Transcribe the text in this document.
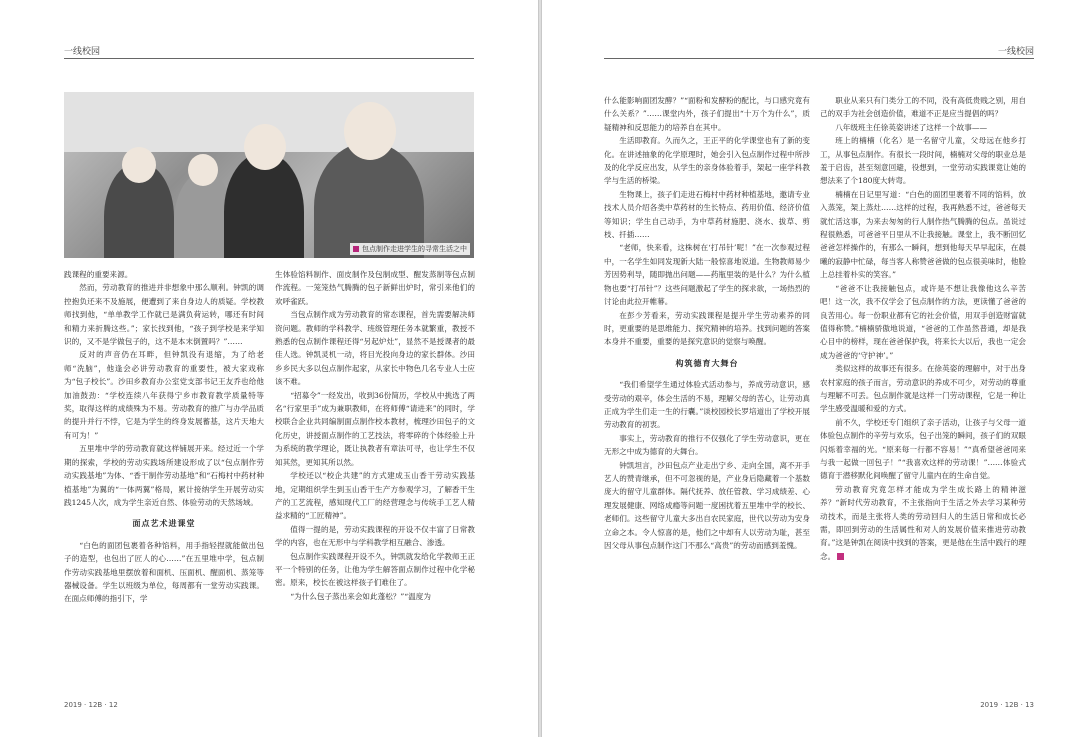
一线校园
包点制作走进学生的寻常生活之中

践课程的重要来源。

然而，劳动教育的推进并非想象中那么顺利。钟凯的调控抱负还来不及施展，便遭到了来自身边人的质疑。学校教师找到他，“单单教学工作就已是满负荷运转，哪还有时间和精力来折腾这些。”；家长找到他，“孩子到学校是来学知识的，又不是学做包子的，这不是本末倒置吗？”……

反对的声音仍在耳畔，但钟凯没有退缩，为了给老师“洗脑”，他逢会必讲劳动教育的重要性，被大家戏称为“包子校长”。沙田乡教育办公室党支部书记王友乔也给他加油鼓劲：“学校连续八年获得宁乡市教育教学质量特等奖，取得这样的成绩殊为不易。劳动教育的推广与办学品质的提升并行不悖，它是为学生的终身发展蓄基，这片天地大有可为！”

五里堆中学的劳动教育就这样铺展开来。经过近一个学期的探索，学校的劳动实践场所建设形成了以“包点制作劳动实践基地”为体、“香干制作劳动基地”和“石梅村中药材种植基地”为翼的“一体两翼”格局，累计接纳学生开展劳动实践1245人次，成为学生亲近自然、体验劳动的天然场域。

面点艺术进课堂

“白色的面团包裹着各种馅料，用手指轻捏就能做出包子的造型，也包出了匠人的心……”在五里堆中学，包点制作劳动实践基地里摆放着和面机、压面机、醒面机、蒸笼等器械设备。学生以班级为单位，每周都有一堂劳动实践课。在面点师傅的指引下，学

生体验馅料制作、面皮制作及包制成型、醒发蒸制等包点制作流程。一笼笼热气腾腾的包子新鲜出炉时，常引来他们的欢呼雀跃。

当包点制作成为劳动教育的常态课程，首先需要解决师资问题。教师的学科教学、班级管理任务本就繁重，教授不熟悉的包点制作课程还得“另起炉灶”，显然不是授课者的最佳人选。钟凯灵机一动，将目光投向身边的家长群体。沙田乡乡民大多以包点制作起家，从家长中物色几名专业人士应该不难。

“招募令”一经发出，收到36份简历，学校从中挑选了两名“行家里手”成为兼职教师，在将师傅“请进来”的同时，学校联合企业共同编制面点制作校本教材，梳理沙田包子的文化历史，讲授面点制作的工艺技法，将零碎的个体经验上升为系统的教学理论，既让执教者有章法可寻，也让学生不仅知其然，更知其所以然。

学校还以“校企共建”的方式建成玉山香干劳动实践基地，定期组织学生到玉山香干生产方参观学习，了解香干生产的工艺流程，感知现代工厂的经营理念与传统手工艺人精益求精的“工匠精神”。

值得一提的是，劳动实践课程的开设不仅丰富了日常教学的内容，也在无形中与学科教学相互融合、渗透。

包点制作实践课程开设不久，钟凯就发给化学教师王正平一个特别的任务，让他为学生解答面点制作过程中化学秘密。原来，校长在被这样孩子们难住了。

“为什么包子蒸出来会如此蓬松？”“温度为

2019 · 12B · 12
一线校园

什么能影响面团发酵？”“面粉和发酵粉的配比，与口感究竟有什么关系？”……课堂内外，孩子们提出“十万个为什么”，质疑精神和反思能力的培养自在其中。

生活即教育。久而久之，王正平的化学课堂也有了新的变化。在讲述抽象的化学原理时，她会引入包点制作过程中所涉及的化学反应出发，从学生的亲身体验着手，架起一座学科教学与生活的桥梁。

生物课上，孩子们走进石梅村中药材种植基地，邀请专业技术人员介绍各类中草药材的生长特点、药用价值、经济价值等知识；学生自己动手，为中草药材施肥、浇水、拔草、剪枝、扦插……

“老师，快来看，这株树在‘打吊针’呢！”在一次参观过程中，一名学生如同发现新大陆一般惊喜地说道。生物教师易少芳因势利导，随即抛出问题——药瓶里装的是什么？为什么植物也要“打吊针”？这些问题激起了学生的探求欲，一场热烈的讨论由此拉开帷幕。

在彭少芳看来，劳动实践课程是提升学生劳动素养的同时，更重要的是思维能力、探究精神的培养。找到问题的答案本身并不重要，重要的是探究意识的觉察与唤醒。

构筑德育大舞台

“我们希望学生通过体验式活动参与，养成劳动意识，感受劳动的艰辛，体会生活的不易，理解父母的苦心，让劳动真正成为学生们走一生的行囊。”谈校园校长罗培道出了学校开展劳动教育的初衷。

事实上，劳动教育的推行不仅强化了学生劳动意识，更在无形之中成为德育的大舞台。

钟凯坦言，沙田包点产业走出宁乡、走向全国，离不开手艺人的赞青继承，但不可忽视的是，产业身后隐藏着一个基数庞大的留守儿童群体。隔代抚养、放任管教、学习成绩差、心理发展健康、网络成瘾等问题一度困扰着五里堆中学的校长、老师们。这些留守儿童大多出自农民家庭，世代以劳动为安身立命之本。令人惊喜的是，他们之中却有人以劳动为耻，甚至因父母从事包点制作这门不那么“高贵”的劳动而感到羞愧。

职业从来只有门类分工的不同，没有高低贵贱之别，用自己的双手为社会创造价值，难道不正是应当提倡的吗？

八年级班主任徐英姿讲述了这样一个故事——

班上的楠楠（化名）是一名留守儿童，父母远在他乡打工，从事包点制作。有很长一段时间，楠楠对父母的职业总是羞于启齿，甚至刻意回避，役想到，一堂劳动实践课竟让她的想法来了个180度大转弯。

楠楠在日记里写道：“白色的面团里裹着不同的馅料，放入蒸笼，架上蒸灶……这样的过程，我再熟悉不过，爸爸每天就忙活这事，为来去匆匆的行人制作热气腾腾的包点。虽说过程很熟悉，可爸爸平日里从不让我接触。课堂上，我不断回忆爸爸怎样操作的，有那么一瞬间，想到他每天早早起床，在晨曦的寂静中忙碌，每当客人称赞爸爸做的包点很美味时，他脸上总挂着朴实的笑容。”

“爸爸不让我接触包点，或许是不想让我像他这么辛苦吧！这一次，我不仅学会了包点制作的方法，更读懂了爸爸的良苦用心。每一份职业都有它的社会价值，用双手创造财富就值得称赞。”楠楠骄傲地说道，“爸爸的工作虽然普通，却是我心目中的榜样，现在爸爸保护我，将来长大以后，我也一定会成为爸爸的‘守护神’。”

类似这样的故事还有很多。在徐英姿的理解中，对于出身农村家庭的孩子而言，劳动意识的养成不可少，对劳动的尊重与理解不可丢。包点制作就是这样一门劳动课程，它是一种让学生感受温暖和爱的方式。

前不久，学校还专门组织了亲子活动，让孩子与父母一道体验包点制作的辛劳与欢乐，包子出笼的瞬间，孩子们的双眼闪烁着幸福的光。“原来每一行都不容易！”“真希望爸爸同来与我一起做一回包子！”“我喜欢这样的劳动课！”……体验式德育于潜移默化间唤醒了留守儿童内在的生命自觉。

劳动教育究竟怎样才能成为学生成长路上的精神滋养？“新时代劳动教育，不主张指向于生活之外去学习某种劳动技术，而是主张将人类的劳动回归人的生活日常和成长必需，即回到劳动的生活属性和对人的发展价值来推进劳动教育。”这是钟凯在阅读中找到的答案，更是他在生活中践行的理念。

2019 · 12B · 13
